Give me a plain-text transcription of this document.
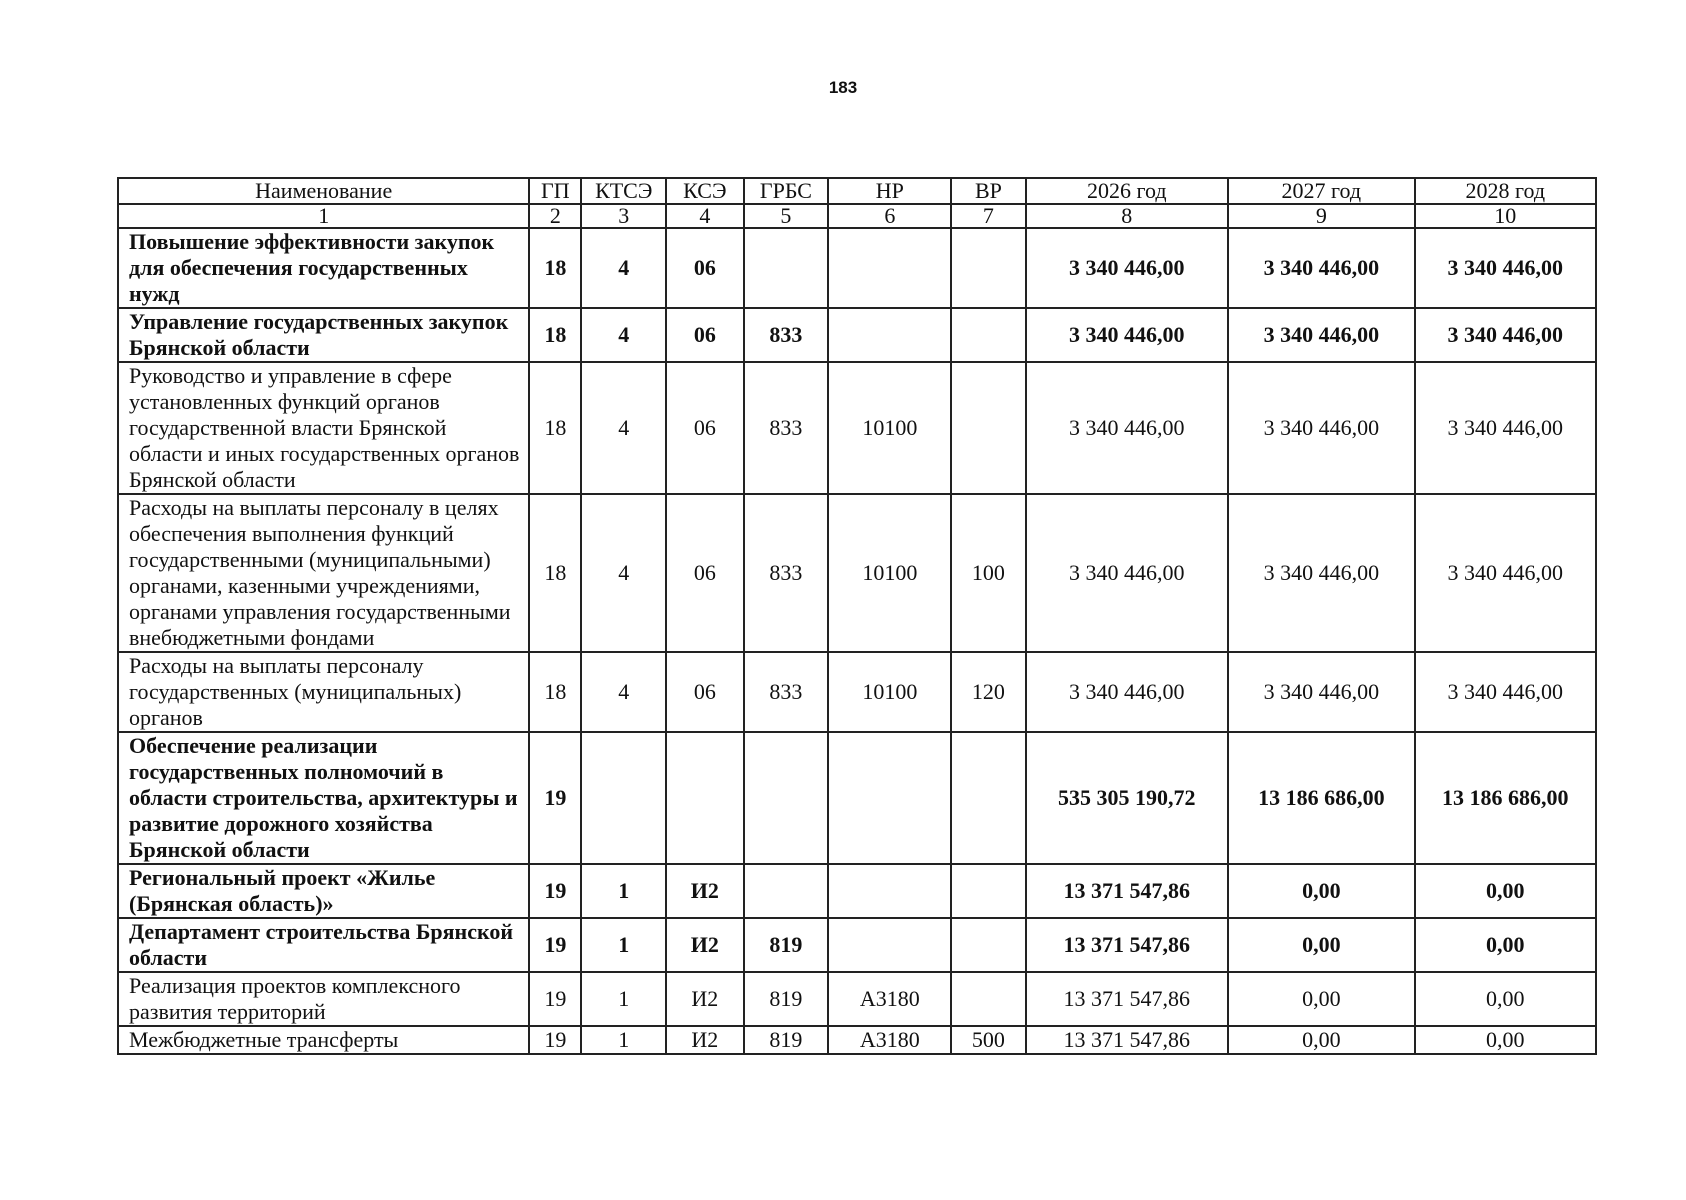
183
Наименование	ГП	КТСЭ	КСЭ	ГРБС	НР	ВР	2026 год	2027 год	2028 год
1	2	3	4	5	6	7	8	9	10
Повышение эффективности закупок для обеспечения государственных нужд	18	4	06				3 340 446,00	3 340 446,00	3 340 446,00
Управление государственных закупок Брянской области	18	4	06	833			3 340 446,00	3 340 446,00	3 340 446,00
Руководство и управление в сфере установленных функций органов государственной власти Брянской области и иных государственных органов Брянской области	18	4	06	833	10100		3 340 446,00	3 340 446,00	3 340 446,00
Расходы на выплаты персоналу в целях обеспечения выполнения функций государственными (муниципальными) органами, казенными учреждениями, органами управления государственными внебюджетными фондами	18	4	06	833	10100	100	3 340 446,00	3 340 446,00	3 340 446,00
Расходы на выплаты персоналу государственных (муниципальных) органов	18	4	06	833	10100	120	3 340 446,00	3 340 446,00	3 340 446,00
Обеспечение реализации государственных полномочий в области строительства, архитектуры и развитие дорожного хозяйства Брянской области	19						535 305 190,72	13 186 686,00	13 186 686,00
Региональный проект «Жилье (Брянская область)»	19	1	И2				13 371 547,86	0,00	0,00
Департамент строительства Брянской области	19	1	И2	819			13 371 547,86	0,00	0,00
Реализация проектов комплексного развития территорий	19	1	И2	819	А3180		13 371 547,86	0,00	0,00
Межбюджетные трансферты	19	1	И2	819	А3180	500	13 371 547,86	0,00	0,00
